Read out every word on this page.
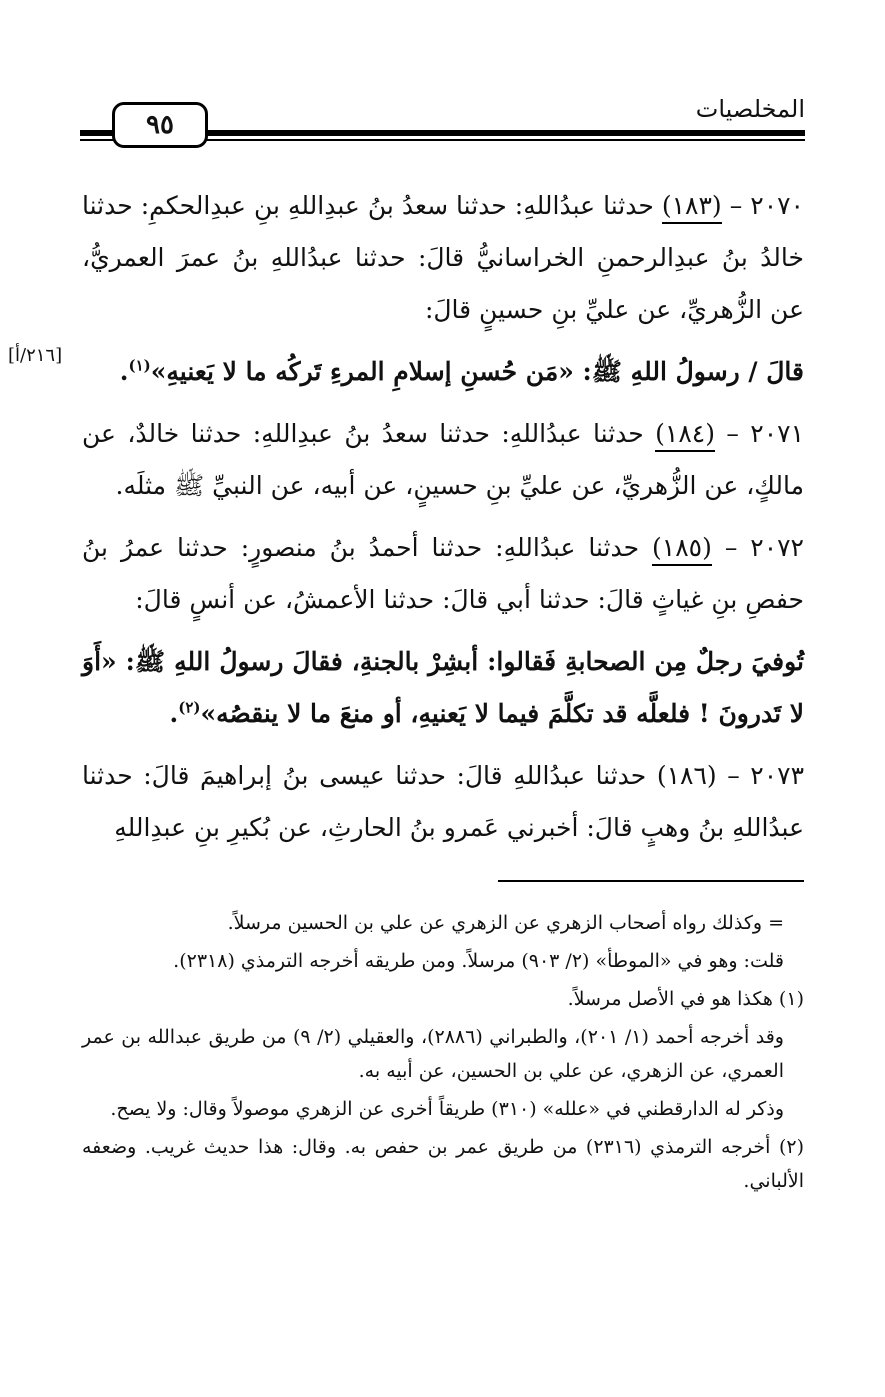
٩٥
المخلصيات
[٢١٦/أ]

٢٠٧٠ – (١٨٣) حدثنا عبدُاللهِ: حدثنا سعدُ بنُ عبدِاللهِ بنِ عبدِالحكمِ: حدثنا خالدُ بنُ عبدِالرحمنِ الخراسانيُّ قالَ: حدثنا عبدُاللهِ بنُ عمرَ العمريُّ، عن الزُّهريِّ، عن عليِّ بنِ حسينٍ قالَ:

قالَ / رسولُ اللهِ ﷺ: «مَن حُسنِ إسلامِ المرءِ تَركُه ما لا يَعنيهِ»$^{(١)}$.

٢٠٧١ – (١٨٤) حدثنا عبدُاللهِ: حدثنا سعدُ بنُ عبدِاللهِ: حدثنا خالدٌ، عن مالكٍ، عن الزُّهريِّ، عن عليِّ بنِ حسينٍ، عن أبيه، عن النبيِّ ﷺ مثلَه.

٢٠٧٢ – (١٨٥) حدثنا عبدُاللهِ: حدثنا أحمدُ بنُ منصورٍ: حدثنا عمرُ بنُ حفصِ بنِ غياثٍ قالَ: حدثنا أبي قالَ: حدثنا الأعمشُ، عن أنسٍ قالَ:

تُوفيَ رجلٌ مِن الصحابةِ فَقالوا: أبشِرْ بالجنةِ، فقالَ رسولُ اللهِ ﷺ: «أَوَ لا تَدرونَ ! فلعلَّه قد تكلَّمَ فيما لا يَعنيهِ، أو منعَ ما لا ينقصُه»$^{(٢)}$.

٢٠٧٣ – (١٨٦) حدثنا عبدُاللهِ قالَ: حدثنا عيسى بنُ إبراهيمَ قالَ: حدثنا عبدُاللهِ بنُ وهبٍ قالَ: أخبرني عَمرو بنُ الحارثِ، عن بُكيرِ بنِ عبدِاللهِ

= وكذلك رواه أصحاب الزهري عن الزهري عن علي بن الحسين مرسلاً.

قلت: وهو في «الموطأ» (٢/ ٩٠٣) مرسلاً. ومن طريقه أخرجه الترمذي (٢٣١٨).

(١) هكذا هو في الأصل مرسلاً.

وقد أخرجه أحمد (١/ ٢٠١)، والطبراني (٢٨٨٦)، والعقيلي (٢/ ٩) من طريق عبدالله بن عمر العمري، عن الزهري، عن علي بن الحسين، عن أبيه به.

وذكر له الدارقطني في «علله» (٣١٠) طريقاً أخرى عن الزهري موصولاً وقال: ولا يصح.

(٢) أخرجه الترمذي (٢٣١٦) من طريق عمر بن حفص به. وقال: هذا حديث غريب. وضعفه الألباني.
